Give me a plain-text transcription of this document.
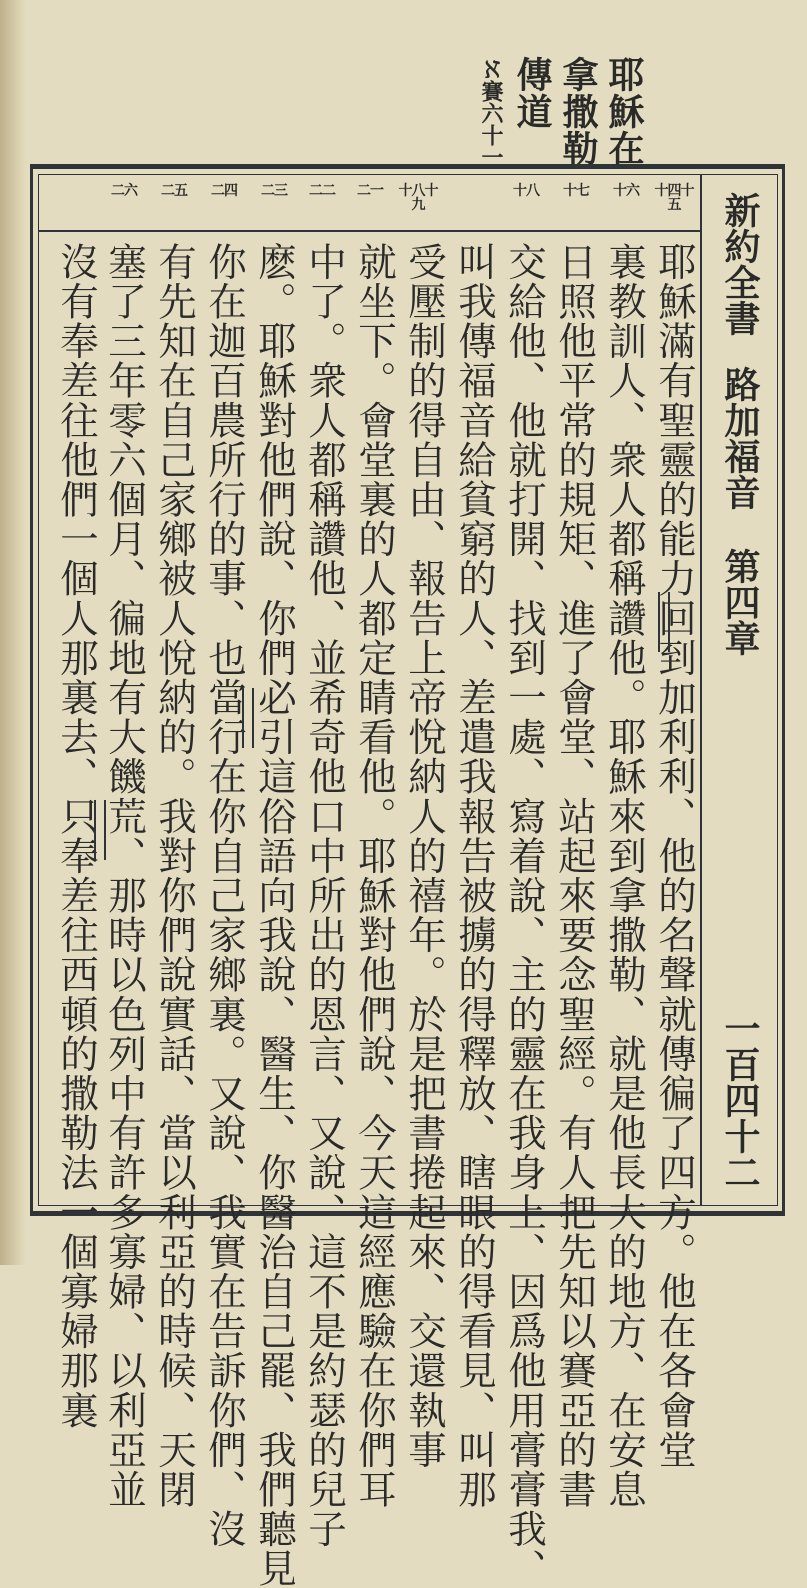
耶穌在
拿撒勒
傳道
ℵ賽六十一
新約全書
路加福音
第四章
一百四十二
十四十五
十六
十七
十八
十八十九
二一
二二
二三
二四
二五
二六
耶穌滿有聖靈的能力回到加利利、他的名聲就傳徧了四方。他在各會堂
裏教訓人、衆人都稱讚他。耶穌來到拿撒勒、就是他長大的地方、在安息
日照他平常的規矩、進了會堂、站起來要念聖經。有人把先知以賽亞的書
交給他、他就打開、找到一處、寫着說、主的靈在我身上、因爲他用膏膏我、
叫我傳福音給貧窮的人、差遣我報告被擄的得釋放、瞎眼的得看見、叫那
受壓制的得自由、報告上帝悅納人的禧年。於是把書捲起來、交還執事
就坐下。會堂裏的人都定睛看他。耶穌對他們說、今天這經應驗在你們耳
中了。衆人都稱讚他、並希奇他口中所出的恩言、又說、這不是約瑟的兒子
麽。耶穌對他們說、你們必引這俗語向我說、醫生、你醫治自己罷、我們聽見
你在迦百農所行的事、也當行在你自己家鄉裏。又說、我實在告訴你們、沒
有先知在自己家鄉被人悅納的。我對你們說實話、當以利亞的時候、天閉
塞了三年零六個月、徧地有大饑荒、那時以色列中有許多寡婦、以利亞並
沒有奉差往他們一個人那裏去、只奉差往西頓的撒勒法一個寡婦那裏
